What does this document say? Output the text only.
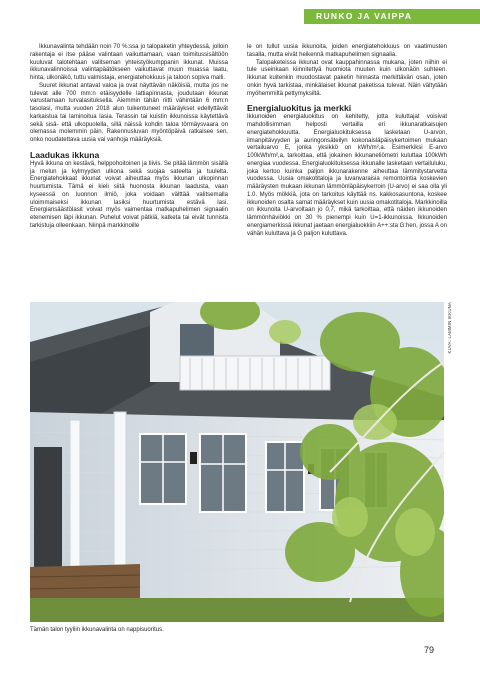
RUNKO JA VAIPPA

Ikkunavalinta tehdään noin 70 %:ssa jo talopaketin yhteydessä, jolloin rakentaja ei itse pääse valintaan vaikuttamaan, vaan toimitussisältöön kuuluvat talotehtaan valitseman yhteistyökumppanin ikkunat. Muissa ikkunavalinnoissa valintapäätökseen vaikuttavat muun muassa laatu, hinta, ulkonäkö, tuttu valmistaja, energiatehokkuus ja taloon sopiva malli.

Suuret ikkunat antavat valoa ja ovat näyttävän näköisiä, mutta jos ne tulevat alle 700 mm:n etäisyydelle lattiapinnasta, joudutaan ikkunat varustamaan turvalasituksella. Aiemmin tähän riitti vähintään 6 mm:n tasolasi, mutta vuoden 2018 alun tuikentuneet määräykset edellyttävät karkaistua tai laminoitua lasia. Terassin tai kuistin ikkunoissa käytettävä sekä sisä- että ulkopuolella, sillä näissä kohdin taloa törmäysvaara on olemassa molemmin päin. Rakennusluvan myöntöpäivä ratkaisee sen, onko noudatettava uusia vai vanhoja määräyksiä.

Laadukas ikkuna

Hyvä ikkuna on kestävä, helppohoitoinen ja tiivis. Se pitää lämmön sisällä ja melun ja kylmyyden ulkona sekä suojaa sateelta ja tuulelta. Energiatehokkaat ikkunat voivat aiheuttaa myös ikkunan ulkopinnan huurtumista. Tämä ei kieli siitä huonosta ikkunan laadusta, vaan kyseessä on luonnon ilmiö, joka voidaan välttää valitsemalla uloimmaiseksi ikkunan lasiksi huurtumista estävä lasi. Energiansäästölasit voivat myös vaimentaa matkapuhelimen signaalin etenemisen läpi ikkunan. Puhelut voivat pätkiä, katketa tai eivät tunnista tarkistuja olleenkaan. Niinpä markkinoille

le on tullut uusia ikkunoita, joiden energiatehokkuus on vaatimusten tasalla, mutta eivät heikennä matkapuhelimen signaalia.

Talopaketeissa ikkunat ovat kauppahinnassa mukana, joten niihin ei tule useinkaan kiinnitettyä huomiota muuten kuin ulkonäön suhteen. Ikkunat kuitenkin muodostavat paketin hinnasta merkittävän osan, joten onkin hyvä tarkistaa, minkälaiset ikkunat paketissa tulevat. Näin vältytään myöhemmiltä pettymyksiltä.

Energialuokitus ja merkki

Ikkunoiden energialuokitus on kehitetty, jotta kuluttajat voisivat mahdollisimman helposti vertailla eri ikkunaratkaisujen energiatehokkuutta. Energialuokituksessa lasketaan U-arvon, ilmanpitävyyden ja auringonsäteilyn kokonaisläpäisykertoimen mukaan vertailuarvo E, jonka yksikkö on kWh/m²,a. Esimerkiksi E-arvo 100kWh/m²,a, tarkoittaa, että jokainen ikkunaneliömetri kuluttaa 100kWh energiaa vuodessa. Energialuokituksessa ikkunalle lasketaan vertailuluku, joka kertoo kuinka paljon ikkunarakenne aiheuttaa lämmitystarvetta vuodessa. Uusia omakotitaloja ja luvanvaraisia remontointia koskevien määräysten mukaan ikkunan lämmönläpäisykerroin (U-arvo) ei saa olla yli 1.0. Myös mökkiä, jota on tarkoitus käyttää ns. kakkosasuntona, koskee ikkunoiden osalta samat määräykset kuin uusia omakotitaloja. Markkinoilla on ikkunoita U-arvoltaan jo 0,7, mikä tarkoittaa, että näiden ikkunoiden lämmönhäviökki on 30 % pienempi kuin U=1-ikkunoissa. Ikkunoiden energiamerkissä ikkunat jaetaan energialuokkiin A++:sta G:hen, jossa A on vähän kuluttava ja G paljon kuluttava.

KUVA: LAMMIN IKKUNA
Tämän talon tyyliin ikkunavalinta on nappisuoritus.
79
